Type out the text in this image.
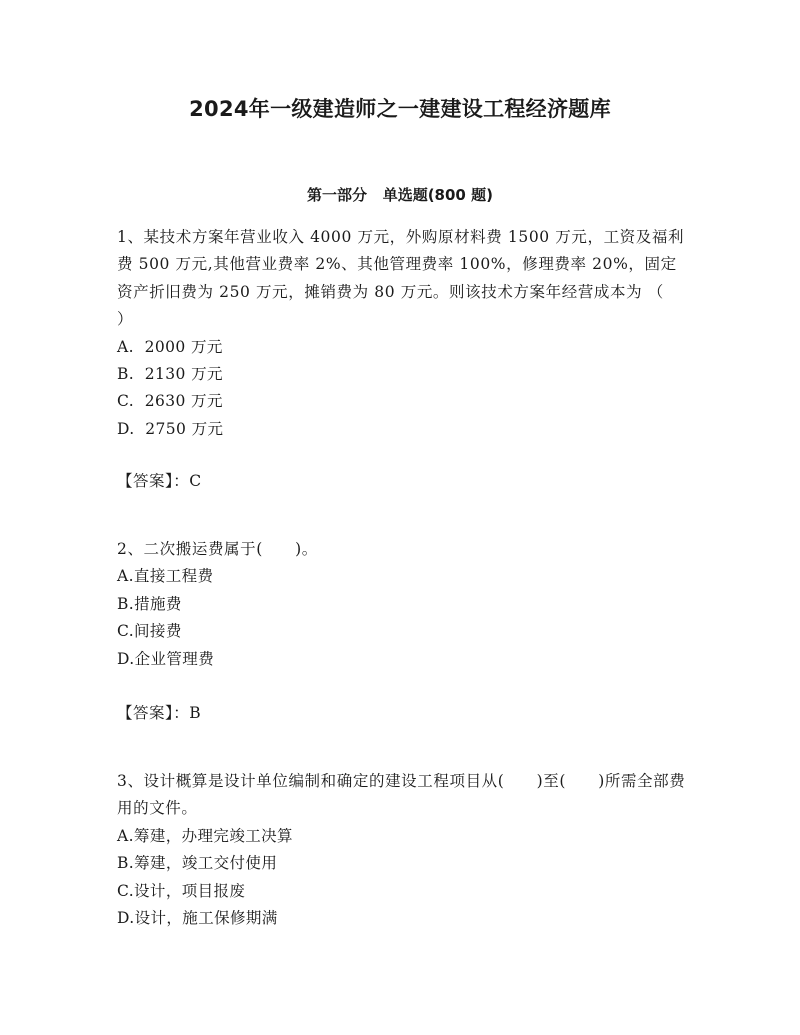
2024年一级建造师之一建建设工程经济题库
第一部分   单选题(800 题)

1、某技术方案年营业收入 4000 万元，外购原材料费 1500 万元，工资及福利费 500 万元,其他营业费率 2%、其他管理费率 100%，修理费率 20%，固定资产折旧费为 250 万元，摊销费为 80 万元。则该技术方案年经营成本为 （　　）

A.  2000 万元

B.  2130 万元

C.  2630 万元

D.  2750 万元

【答案】：C

2、二次搬运费属于(　　)。

A.直接工程费

B.措施费

C.间接费

D.企业管理费

【答案】：B

3、设计概算是设计单位编制和确定的建设工程项目从(　　)至(　　)所需全部费用的文件。

A.筹建，办理完竣工决算

B.筹建，竣工交付使用

C.设计，项目报废

D.设计，施工保修期满
